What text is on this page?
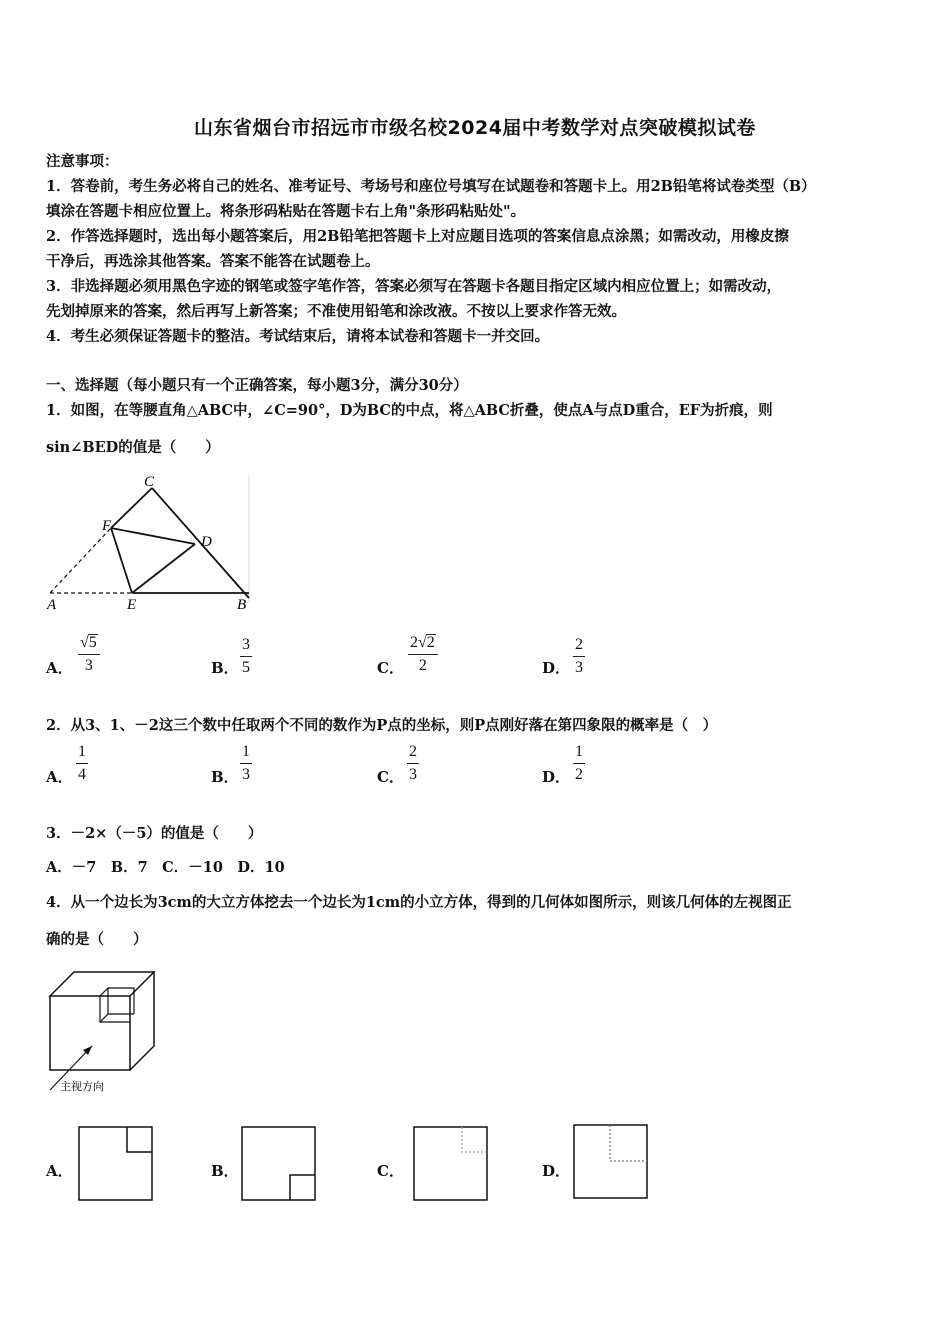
山东省烟台市招远市市级名校2024届中考数学对点突破模拟试卷
注意事项：
1．答卷前，考生务必将自己的姓名、准考证号、考场号和座位号填写在试题卷和答题卡上。用2B铅笔将试卷类型（B）
填涂在答题卡相应位置上。将条形码粘贴在答题卡右上角"条形码粘贴处"。
2．作答选择题时，选出每小题答案后，用2B铅笔把答题卡上对应题目选项的答案信息点涂黑；如需改动，用橡皮擦
干净后，再选涂其他答案。答案不能答在试题卷上。
3．非选择题必须用黑色字迹的钢笔或签字笔作答，答案必须写在答题卡各题目指定区域内相应位置上；如需改动，
先划掉原来的答案，然后再写上新答案；不准使用铅笔和涂改液。不按以上要求作答无效。
4．考生必须保证答题卡的整洁。考试结束后，请将本试卷和答题卡一并交回。
一、选择题（每小题只有一个正确答案，每小题3分，满分30分）
1．如图，在等腰直角△ABC中，∠C=90°，D为BC的中点，将△ABC折叠，使点A与点D重合，EF为折痕，则
sin∠BED的值是（　　）
C
F
D
A	E	B
A． $\frac{√5}{3}$	B． $\frac{3}{5}$	C． $\frac{2√2}{2}$	D． $\frac{2}{3}$
2．从3、1、－2这三个数中任取两个不同的数作为P点的坐标，则P点刚好落在第四象限的概率是（　）
A． $\frac{1}{4}$	B． $\frac{1}{3}$	C． $\frac{2}{3}$	D． $\frac{1}{2}$
3．－2×（－5）的值是（　　）
A．－7　B．7　C．－10　D．10
4．从一个边长为3cm的大立方体挖去一个边长为1cm的小立方体，得到的几何体如图所示，则该几何体的左视图正
确的是（　　）
主视方向
A．	B．	C．	D．
